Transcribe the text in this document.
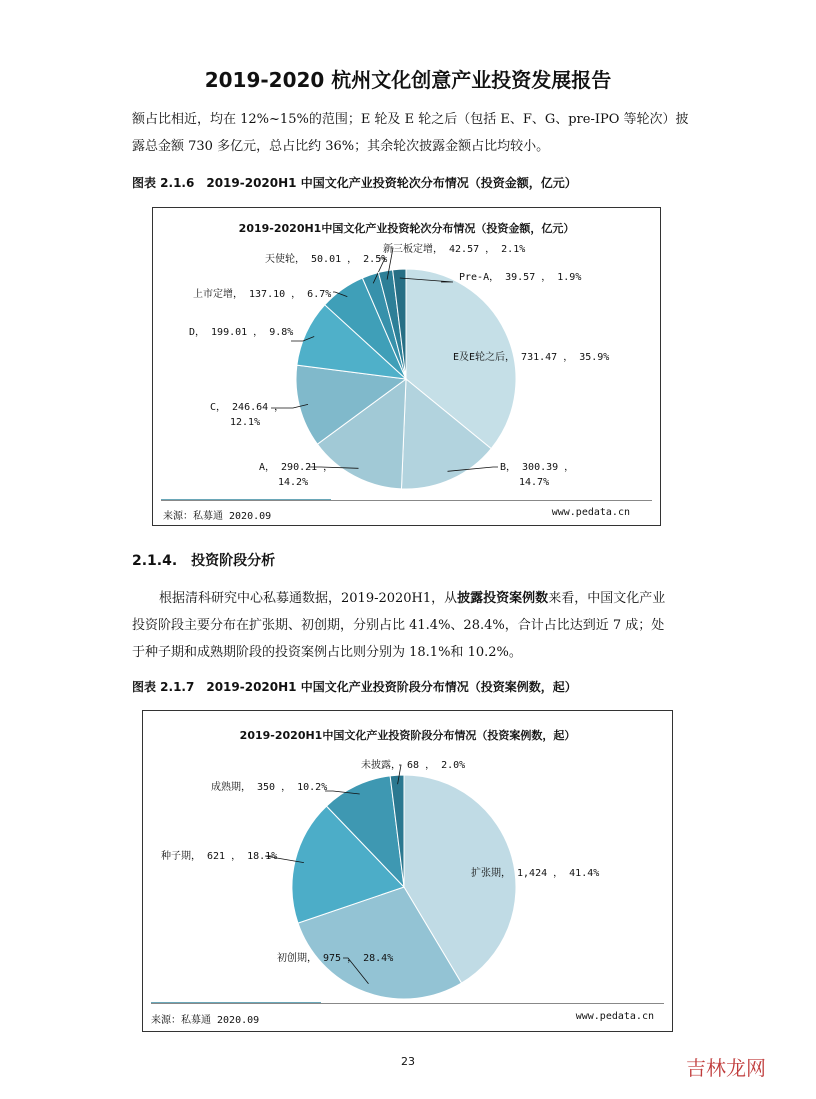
2019-2020 杭州文化创意产业投资发展报告

额占比相近，均在 12%~15%的范围；E 轮及 E 轮之后（包括 E、F、G、pre-IPO 等轮次）披
露总金额 730 多亿元，总占比约 36%；其余轮次披露金额占比均较小。

图表 2.1.6　2019-2020H1 中国文化产业投资轮次分布情况（投资金额，亿元）
2019-2020H1中国文化产业投资轮次分布情况（投资金额，亿元）
E及E轮之后， 731.47 ， 35.9%
B， 300.39 ，
14.7%
A， 290.21 ，
14.2%
C， 246.64 ，
12.1%
D， 199.01 ， 9.8%
上市定增， 137.10 ， 6.7%
天使轮， 50.01 ， 2.5%
新三板定增， 42.57 ， 2.1%
Pre-A， 39.57 ， 1.9%
来源：私募通 2020.09	www.pedata.cn
2.1.4.　投资阶段分析

根据清科研究中心私募通数据，2019-2020H1，从披露投资案例数来看，中国文化产业
投资阶段主要分布在扩张期、初创期，分别占比 41.4%、28.4%，合计占比达到近 7 成；处
于种子期和成熟期阶段的投资案例占比则分别为 18.1%和 10.2%。

图表 2.1.7　2019-2020H1 中国文化产业投资阶段分布情况（投资案例数，起）
2019-2020H1中国文化产业投资阶段分布情况（投资案例数，起）
扩张期， 1,424 ， 41.4%
初创期， 975 ， 28.4%
种子期， 621 ， 18.1%
成熟期， 350 ， 10.2%
未披露， 68 ， 2.0%
来源：私募通 2020.09	www.pedata.cn
23	吉林龙网
